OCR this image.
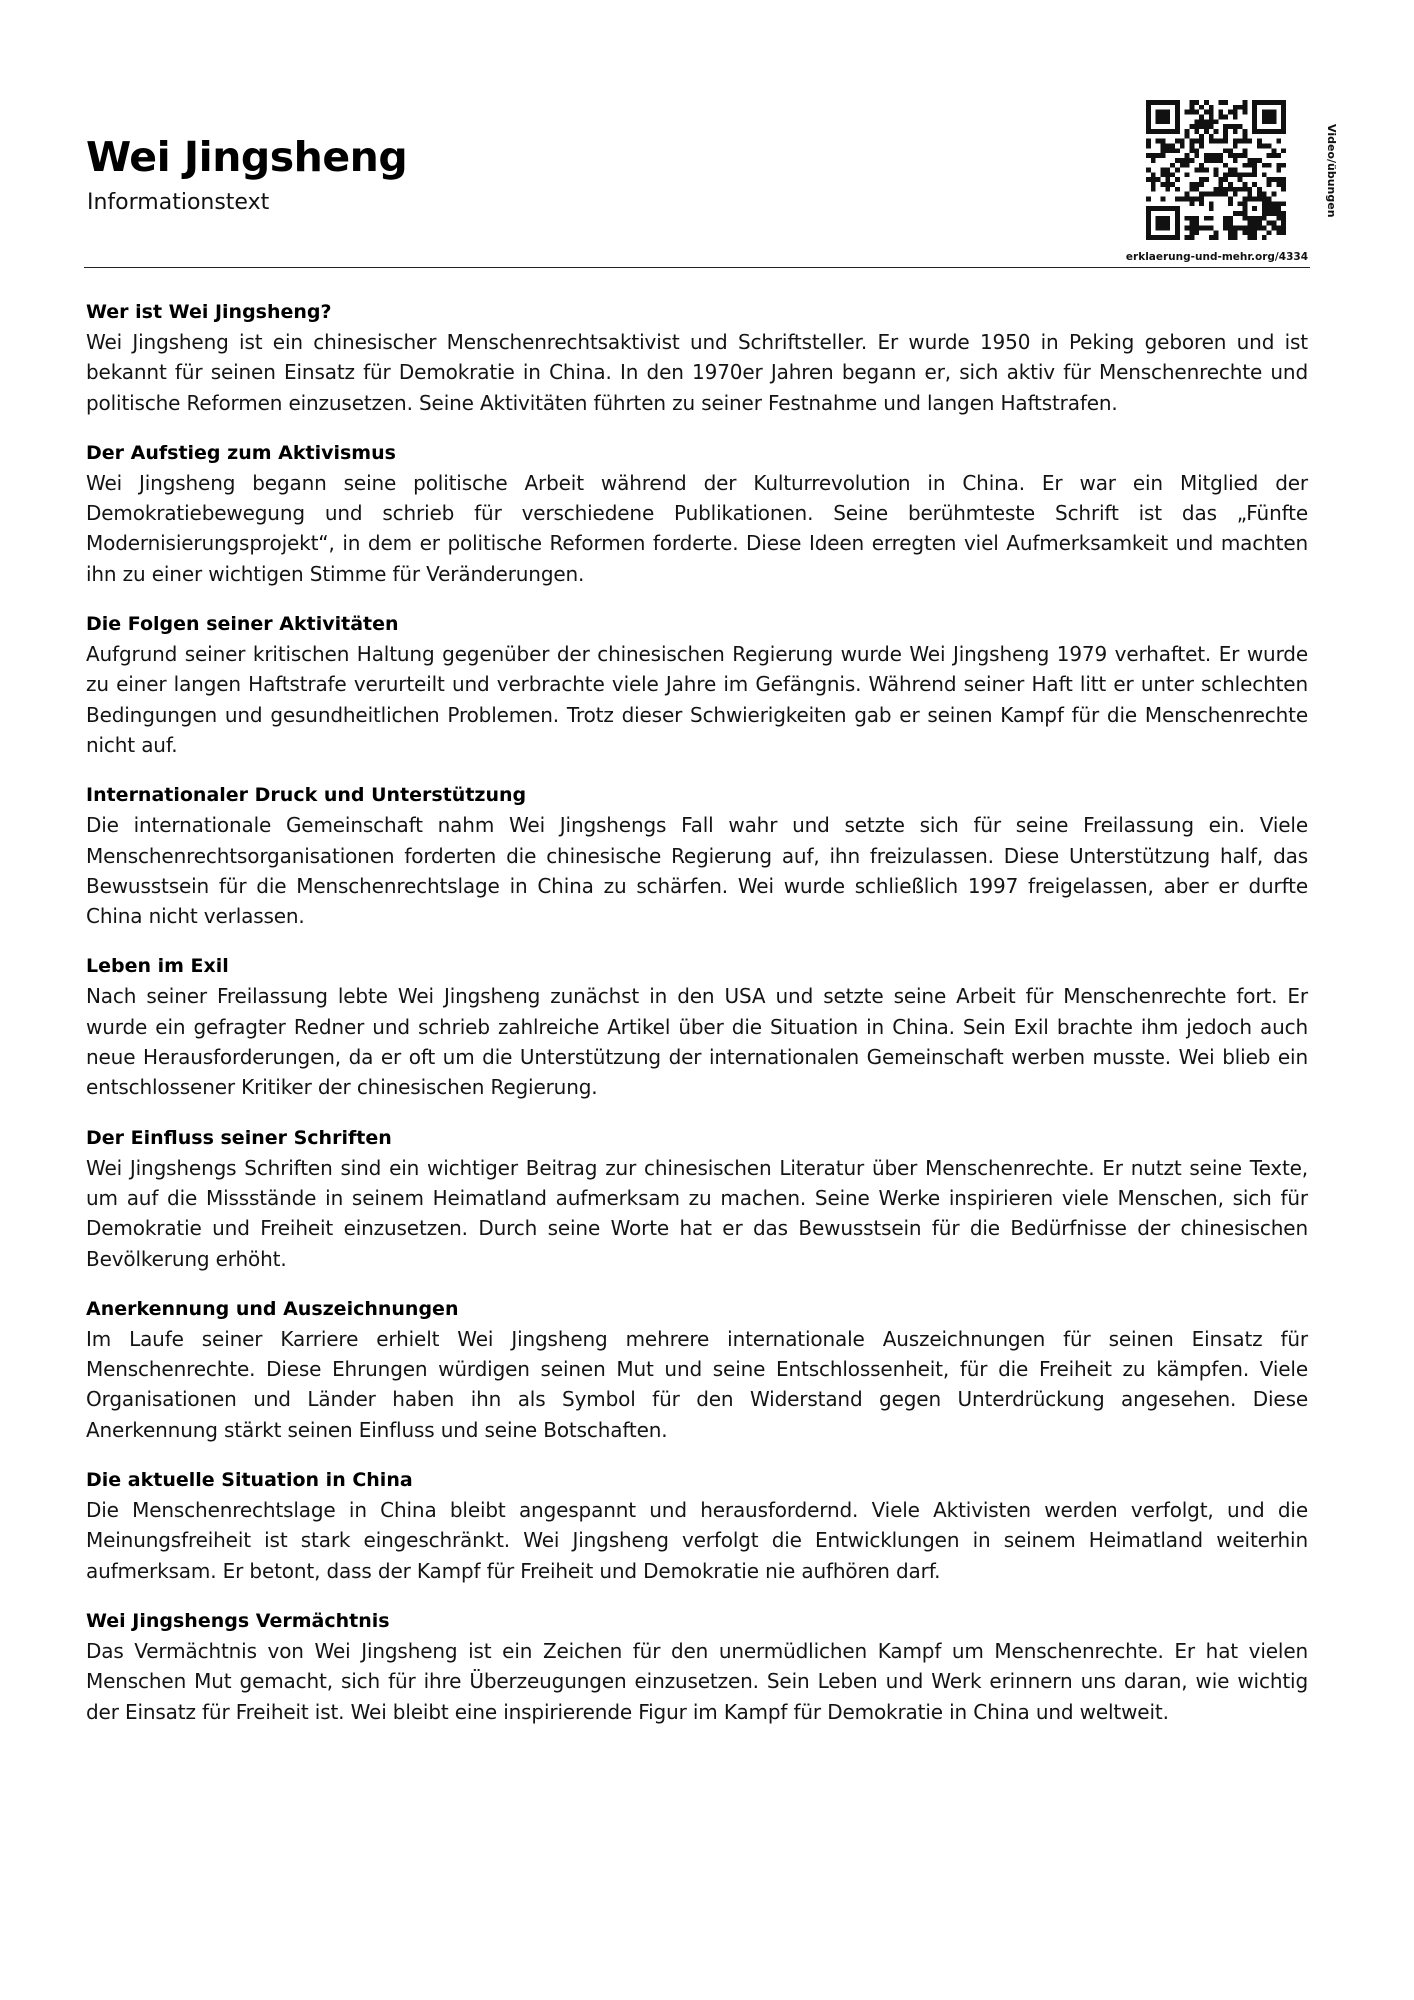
Wei Jingsheng
Informationstext	Video/übungen
erklaerung-und-mehr.org/4334
Wer ist Wei Jingsheng?

Wei Jingsheng ist ein chinesischer Menschenrechtsaktivist und Schriftsteller. Er wurde 1950 in Peking geboren und ist bekannt für seinen Einsatz für Demokratie in China. In den 1970er Jahren begann er, sich aktiv für Menschenrechte und politische Reformen einzusetzen. Seine Aktivitäten führten zu seiner Festnahme und langen Haftstrafen.

Der Aufstieg zum Aktivismus

Wei Jingsheng begann seine politische Arbeit während der Kulturrevolution in China. Er war ein Mitglied der Demokratiebewegung und schrieb für verschiedene Publikationen. Seine berühmteste Schrift ist das „Fünfte Modernisierungsprojekt“, in dem er politische Reformen forderte. Diese Ideen erregten viel Aufmerksamkeit und machten ihn zu einer wichtigen Stimme für Veränderungen.

Die Folgen seiner Aktivitäten

Aufgrund seiner kritischen Haltung gegenüber der chinesischen Regierung wurde Wei Jingsheng 1979 verhaftet. Er wurde zu einer langen Haftstrafe verurteilt und verbrachte viele Jahre im Gefängnis. Während seiner Haft litt er unter schlechten Bedingungen und gesundheitlichen Problemen. Trotz dieser Schwierigkeiten gab er seinen Kampf für die Menschenrechte nicht auf.

Internationaler Druck und Unterstützung

Die internationale Gemeinschaft nahm Wei Jingshengs Fall wahr und setzte sich für seine Freilassung ein. Viele Menschenrechtsorganisationen forderten die chinesische Regierung auf, ihn freizulassen. Diese Unterstützung half, das Bewusstsein für die Menschenrechtslage in China zu schärfen. Wei wurde schließlich 1997 freigelassen, aber er durfte China nicht verlassen.

Leben im Exil

Nach seiner Freilassung lebte Wei Jingsheng zunächst in den USA und setzte seine Arbeit für Menschenrechte fort. Er wurde ein gefragter Redner und schrieb zahlreiche Artikel über die Situation in China. Sein Exil brachte ihm jedoch auch neue Herausforderungen, da er oft um die Unterstützung der internationalen Gemeinschaft werben musste. Wei blieb ein entschlossener Kritiker der chinesischen Regierung.

Der Einfluss seiner Schriften

Wei Jingshengs Schriften sind ein wichtiger Beitrag zur chinesischen Literatur über Menschenrechte. Er nutzt seine Texte, um auf die Missstände in seinem Heimatland aufmerksam zu machen. Seine Werke inspirieren viele Menschen, sich für Demokratie und Freiheit einzusetzen. Durch seine Worte hat er das Bewusstsein für die Bedürfnisse der chinesischen Bevölkerung erhöht.

Anerkennung und Auszeichnungen

Im Laufe seiner Karriere erhielt Wei Jingsheng mehrere internationale Auszeichnungen für seinen Einsatz für Menschenrechte. Diese Ehrungen würdigen seinen Mut und seine Entschlossenheit, für die Freiheit zu kämpfen. Viele Organisationen und Länder haben ihn als Symbol für den Widerstand gegen Unterdrückung angesehen. Diese Anerkennung stärkt seinen Einfluss und seine Botschaften.

Die aktuelle Situation in China

Die Menschenrechtslage in China bleibt angespannt und herausfordernd. Viele Aktivisten werden verfolgt, und die Meinungsfreiheit ist stark eingeschränkt. Wei Jingsheng verfolgt die Entwicklungen in seinem Heimatland weiterhin aufmerksam. Er betont, dass der Kampf für Freiheit und Demokratie nie aufhören darf.

Wei Jingshengs Vermächtnis

Das Vermächtnis von Wei Jingsheng ist ein Zeichen für den unermüdlichen Kampf um Menschenrechte. Er hat vielen Menschen Mut gemacht, sich für ihre Überzeugungen einzusetzen. Sein Leben und Werk erinnern uns daran, wie wichtig der Einsatz für Freiheit ist. Wei bleibt eine inspirierende Figur im Kampf für Demokratie in China und weltweit.
